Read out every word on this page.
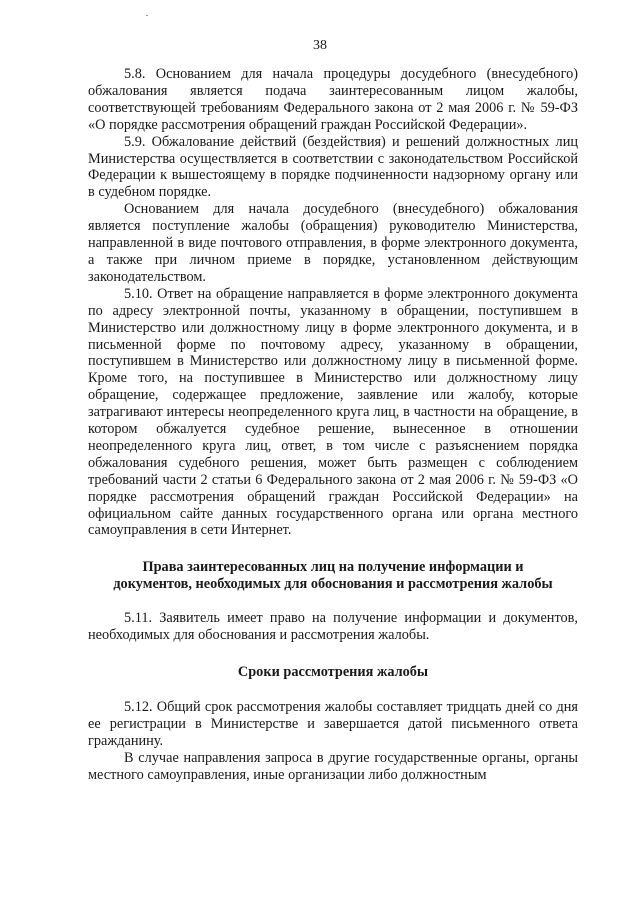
38

5.8. Основанием для начала процедуры досудебного (внесудебного) обжалования является подача заинтересованным лицом жалобы, соответствующей требованиям Федерального закона от 2 мая 2006 г. № 59-ФЗ «О порядке рассмотрения обращений граждан Российской Федерации».

5.9. Обжалование действий (бездействия) и решений должностных лиц Министерства осуществляется в соответствии с законодательством Российской Федерации к вышестоящему в порядке подчиненности надзорному органу или в судебном порядке.

Основанием для начала досудебного (внесудебного) обжалования является поступление жалобы (обращения) руководителю Министерства, направленной в виде почтового отправления, в форме электронного документа, а также при личном приеме в порядке, установленном действующим законодательством.

5.10. Ответ на обращение направляется в форме электронного документа по адресу электронной почты, указанному в обращении, поступившем в Министерство или должностному лицу в форме электронного документа, и в письменной форме по почтовому адресу, указанному в обращении, поступившем в Министерство или должностному лицу в письменной форме. Кроме того, на поступившее в Министерство или должностному лицу обращение, содержащее предложение, заявление или жалобу, которые затрагивают интересы неопределенного круга лиц, в частности на обращение, в котором обжалуется судебное решение, вынесенное в отношении неопределенного круга лиц, ответ, в том числе с разъяснением порядка обжалования судебного решения, может быть размещен с соблюдением требований части 2 статьи 6 Федерального закона от 2 мая 2006 г. № 59-ФЗ «О порядке рассмотрения обращений граждан Российской Федерации» на официальном сайте данных государственного органа или органа местного самоуправления в сети Интернет.

Права заинтересованных лиц на получение информации и

документов, необходимых для обоснования и рассмотрения жалобы

5.11. Заявитель имеет право на получение информации и документов, необходимых для обоснования и рассмотрения жалобы.

Сроки рассмотрения жалобы

5.12. Общий срок рассмотрения жалобы составляет тридцать дней со дня ее регистрации в Министерстве и завершается датой письменного ответа гражданину.

В случае направления запроса в другие государственные органы, органы местного самоуправления, иные организации либо должностным
